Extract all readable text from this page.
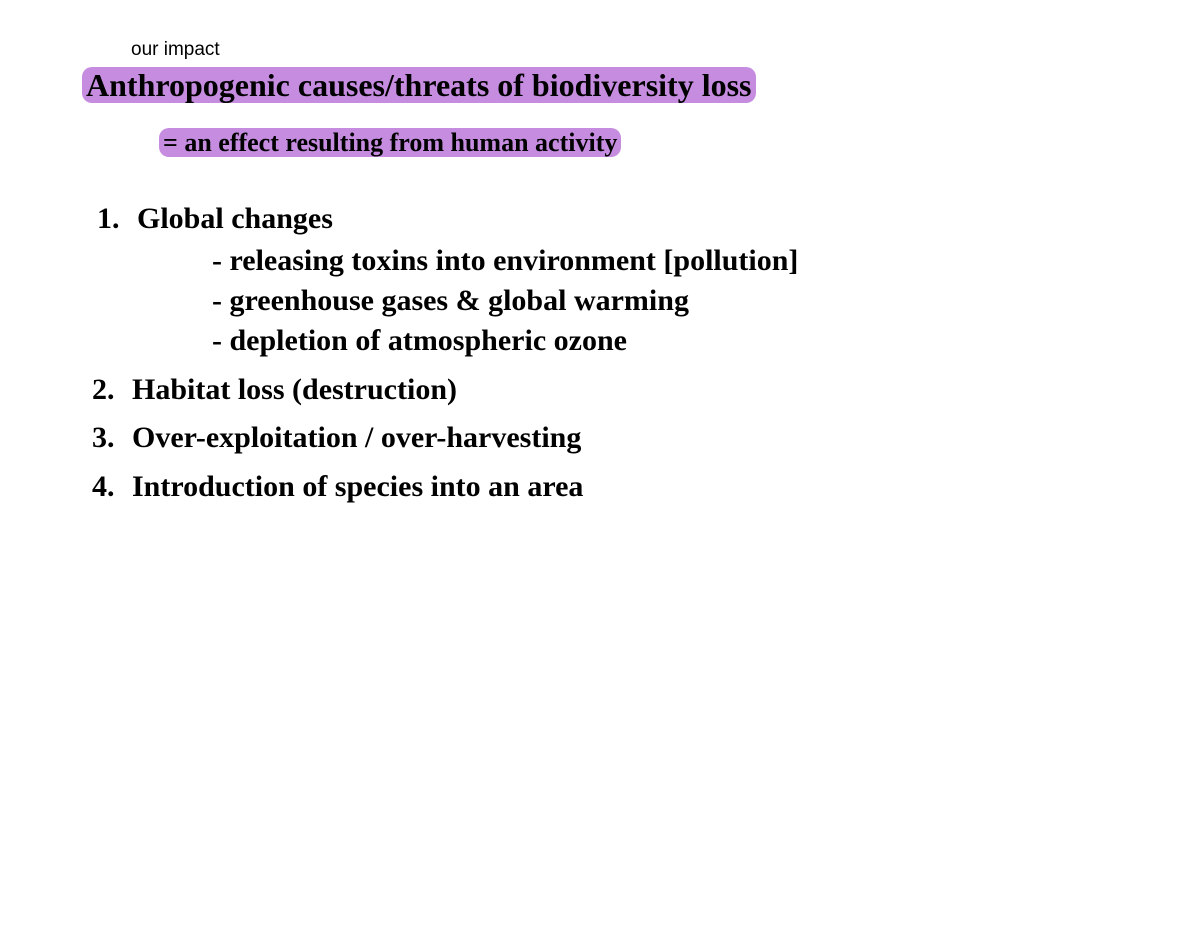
our impact
Anthropogenic causes/threats of biodiversity loss
= an effect resulting from human activity
1. Global changes
- releasing toxins into environment [pollution]
- greenhouse gases & global warming
- depletion of atmospheric ozone
2. Habitat loss (destruction)
3. Over-exploitation / over-harvesting
4. Introduction of species into an area
